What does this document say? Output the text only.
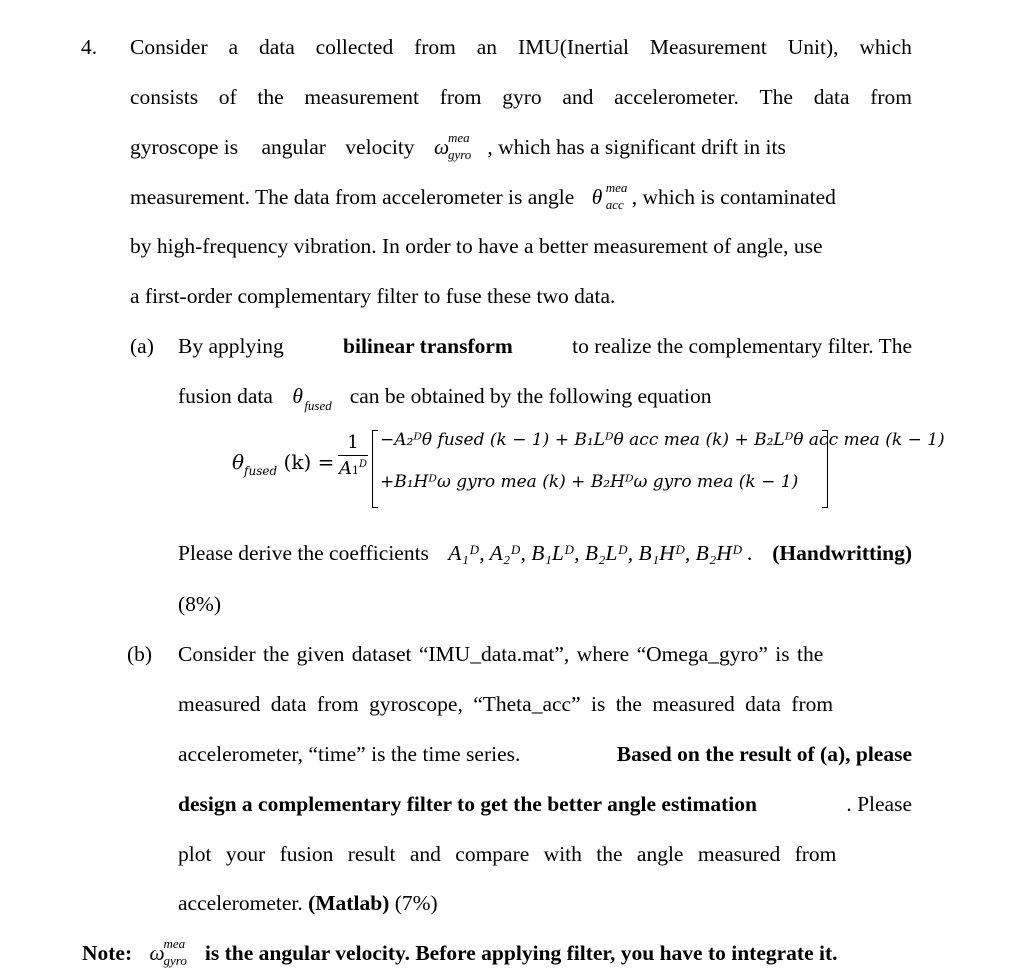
4. Consider a data collected from an IMU(Inertial Measurement Unit), which
consists of the measurement from gyro and accelerometer. The data from
gyroscope is angular velocity ω
mea
gyro , which has a significant drift in its
measurement. The data from accelerometer is angle θ mea
acc , which is contaminated
by high-frequency vibration. In order to have a better measurement of angle, use
a first-order complementary filter to fuse these two data.
(a) By applying	bilinear transform	to realize the complementary filter. The
fusion data θ fused can be obtained by the following equation
$\theta_{fused}$ (k) =
1
$A1^D$
−A₂ᴰθ fused (k − 1) + B₁Lᴰθ acc mea (k) + B₂Lᴰθ acc mea (k − 1)
+B₁Hᴰω gyro mea (k) + B₂Hᴰω gyro mea (k − 1)
Please derive the coefficients A₁ᴰ, A₂ᴰ, B₁Lᴰ, B₂Lᴰ, B₁Hᴰ, B₂Hᴰ . (Handwritting)
(8%)
(b) Consider the given dataset “IMU_data.mat”, where “Omega_gyro” is the
measured data from gyroscope, “Theta_acc” is the measured data from
accelerometer, “time” is the time series.	Based on the result of (a), please
design a complementary filter to get the better angle estimation	. Please
plot your fusion result and compare with the angle measured from
accelerometer. (Matlab) (7%)
Note: ω
mea
gyro is the angular velocity. Before applying filter, you have to integrate it.
